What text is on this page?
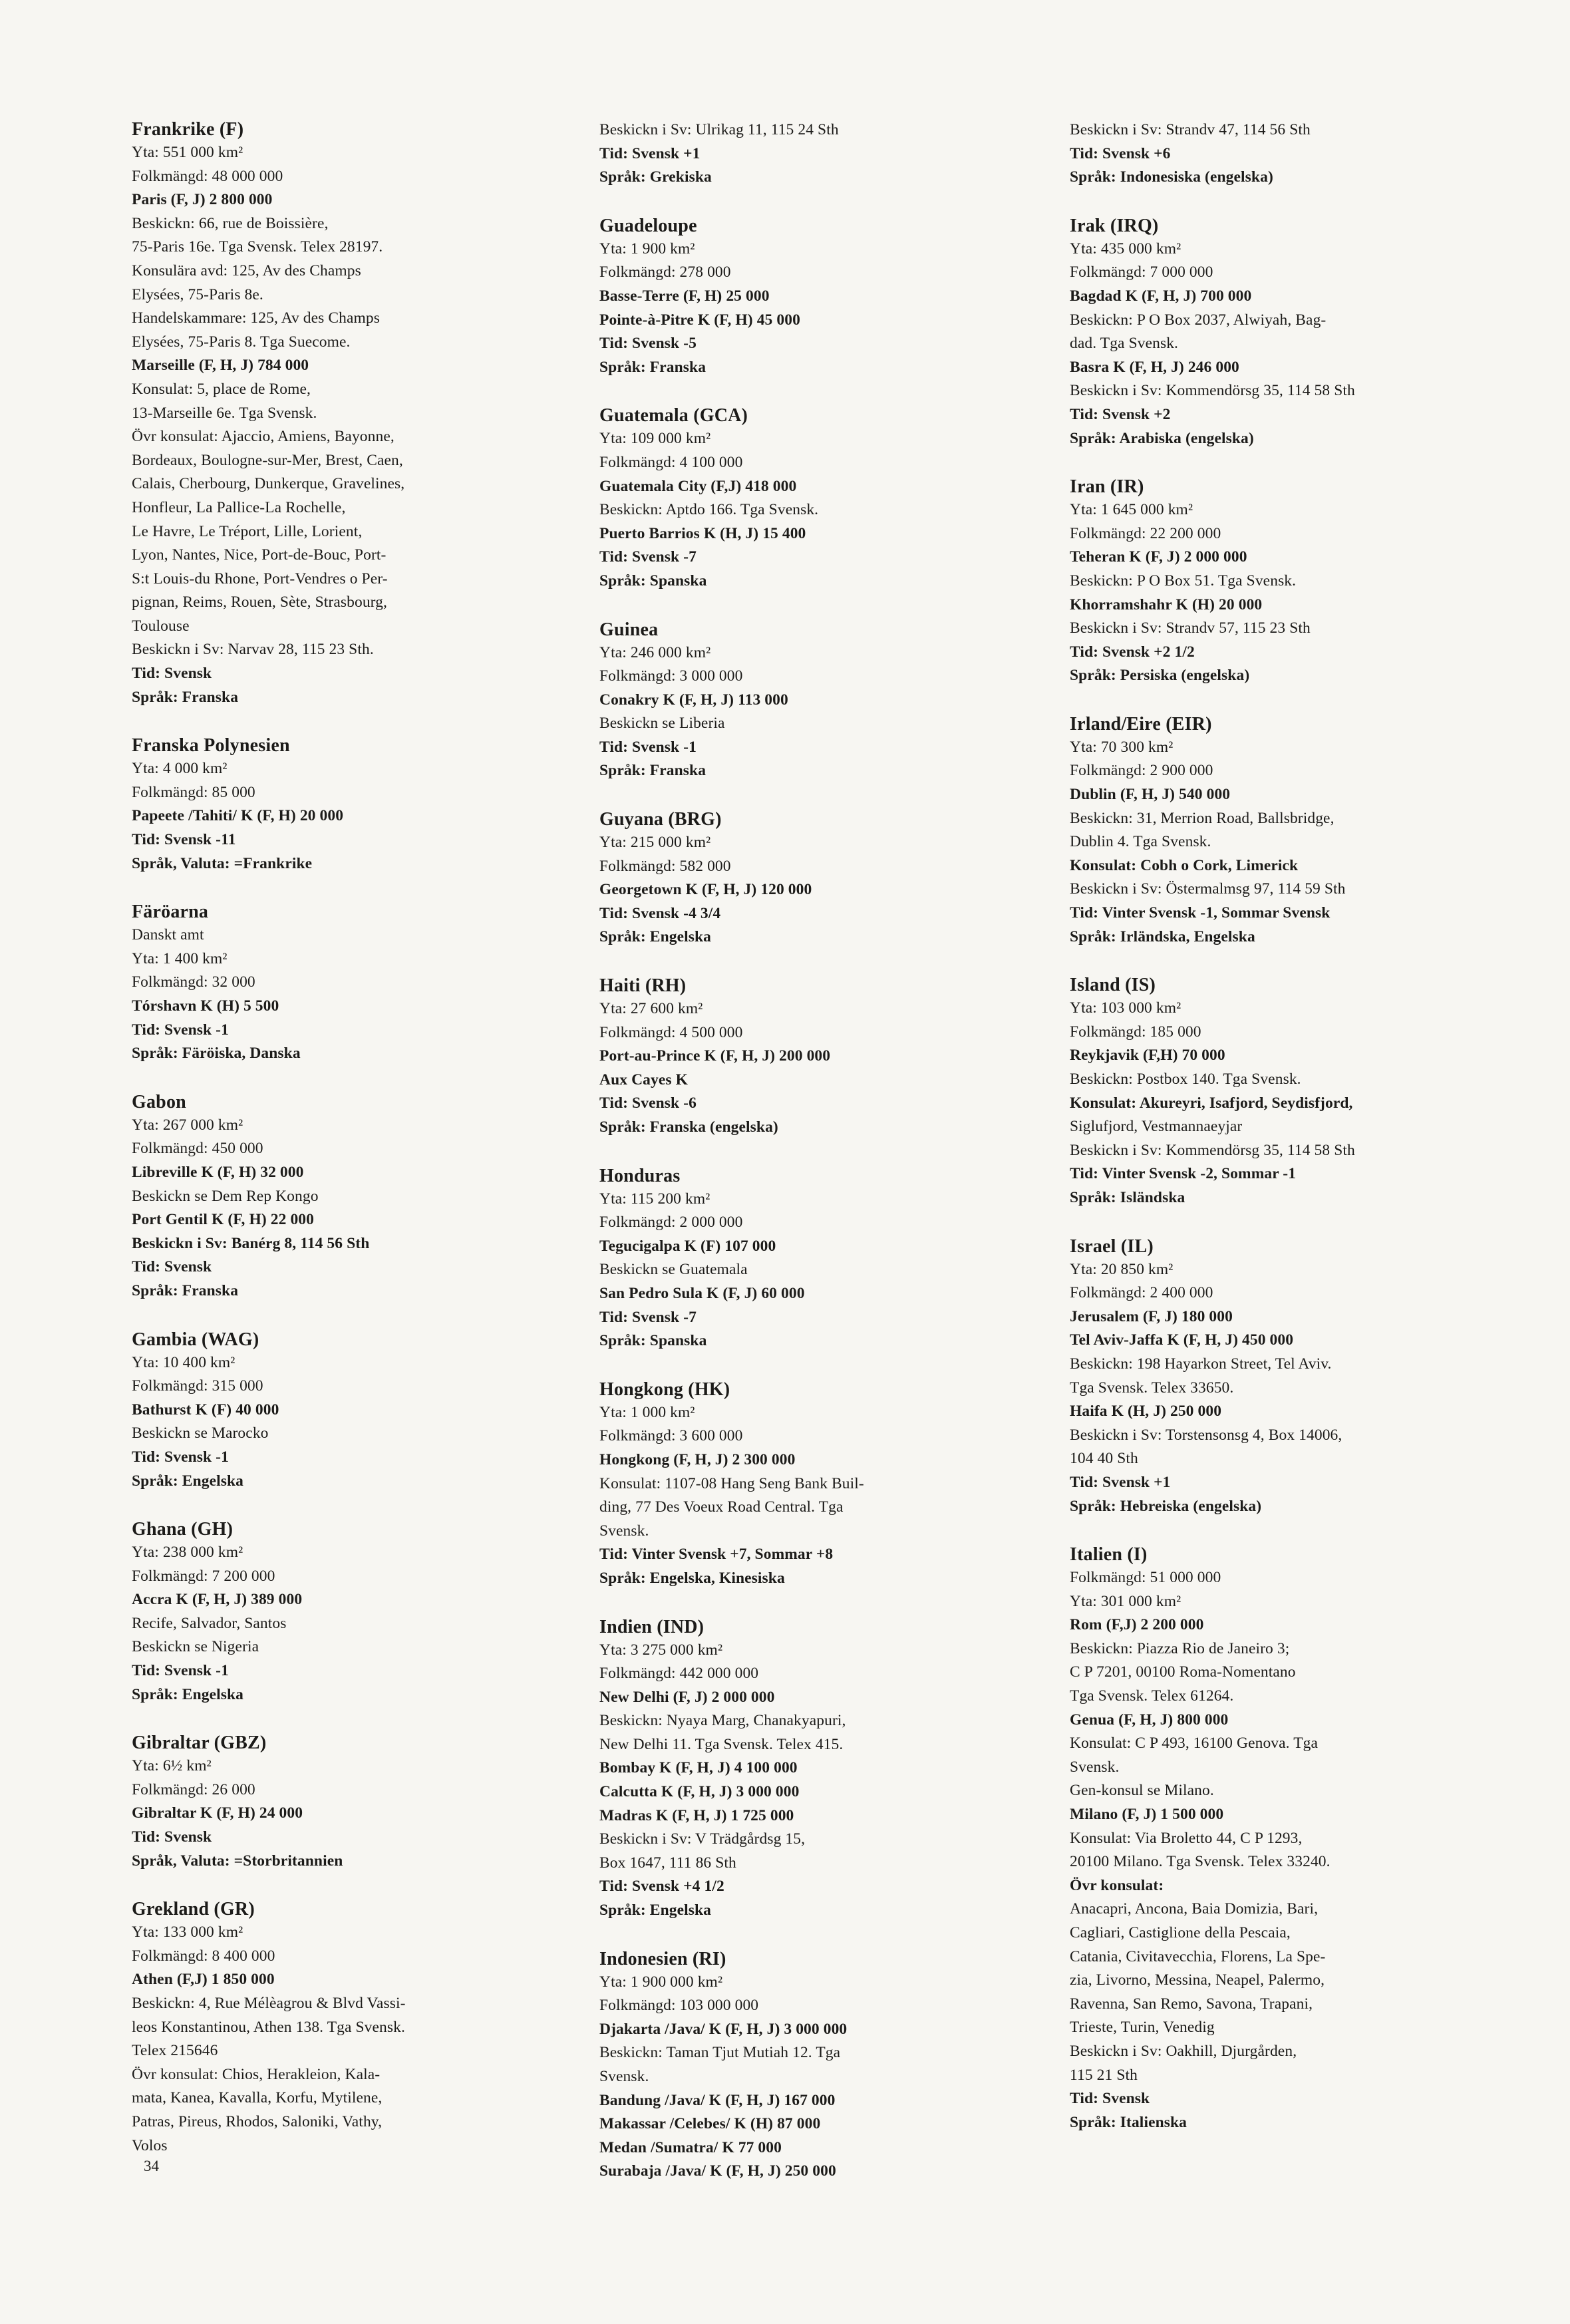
Frankrike (F)
Yta: 551 000 km²
Folkmängd: 48 000 000
Paris (F, J) 2 800 000
Beskickn: 66, rue de Boissière,
75-Paris 16e. Tga Svensk. Telex 28197.
Konsulära avd: 125, Av des Champs
Elysées, 75-Paris 8e.
Handelskammare: 125, Av des Champs
Elysées, 75-Paris 8. Tga Suecome.
Marseille (F, H, J) 784 000
Konsulat: 5, place de Rome,
13-Marseille 6e. Tga Svensk.
Övr konsulat: Ajaccio, Amiens, Bayonne,
Bordeaux, Boulogne-sur-Mer, Brest, Caen,
Calais, Cherbourg, Dunkerque, Gravelines,
Honfleur, La Pallice-La Rochelle,
Le Havre, Le Tréport, Lille, Lorient,
Lyon, Nantes, Nice, Port-de-Bouc, Port-
S:t Louis-du Rhone, Port-Vendres o Per-
pignan, Reims, Rouen, Sète, Strasbourg,
Toulouse
Beskickn i Sv: Narvav 28, 115 23 Sth.
Tid: Svensk
Språk: Franska
Franska Polynesien
Yta: 4 000 km²
Folkmängd: 85 000
Papeete /Tahiti/ K (F, H) 20 000
Tid: Svensk -11
Språk, Valuta: =Frankrike
Färöarna
Danskt amt
Yta: 1 400 km²
Folkmängd: 32 000
Tórshavn K (H) 5 500
Tid: Svensk -1
Språk: Färöiska, Danska
Gabon
Yta: 267 000 km²
Folkmängd: 450 000
Libreville K (F, H) 32 000
Beskickn se Dem Rep Kongo
Port Gentil K (F, H) 22 000
Beskickn i Sv: Banérg 8, 114 56 Sth
Tid: Svensk
Språk: Franska
Gambia (WAG)
Yta: 10 400 km²
Folkmängd: 315 000
Bathurst K (F) 40 000
Beskickn se Marocko
Tid: Svensk -1
Språk: Engelska
Ghana (GH)
Yta: 238 000 km²
Folkmängd: 7 200 000
Accra K (F, H, J) 389 000
Recife, Salvador, Santos
Beskickn se Nigeria
Tid: Svensk -1
Språk: Engelska
Gibraltar (GBZ)
Yta: 6½ km²
Folkmängd: 26 000
Gibraltar K (F, H) 24 000
Tid: Svensk
Språk, Valuta: =Storbritannien
Grekland (GR)
Yta: 133 000 km²
Folkmängd: 8 400 000
Athen (F,J) 1 850 000
Beskickn: 4, Rue Mélèagrou & Blvd Vassi-
leos Konstantinou, Athen 138. Tga Svensk.
Telex 215646
Övr konsulat: Chios, Herakleion, Kala-
mata, Kanea, Kavalla, Korfu, Mytilene,
Patras, Pireus, Rhodos, Saloniki, Vathy,
Volos
Beskickn i Sv: Ulrikag 11, 115 24 Sth
Tid: Svensk +1
Språk: Grekiska
Guadeloupe
Yta: 1 900 km²
Folkmängd: 278 000
Basse-Terre (F, H) 25 000
Pointe-à-Pitre K (F, H) 45 000
Tid: Svensk -5
Språk: Franska
Guatemala (GCA)
Yta: 109 000 km²
Folkmängd: 4 100 000
Guatemala City (F,J) 418 000
Beskickn: Aptdo 166. Tga Svensk.
Puerto Barrios K (H, J) 15 400
Tid: Svensk -7
Språk: Spanska
Guinea
Yta: 246 000 km²
Folkmängd: 3 000 000
Conakry K (F, H, J) 113 000
Beskickn se Liberia
Tid: Svensk -1
Språk: Franska
Guyana (BRG)
Yta: 215 000 km²
Folkmängd: 582 000
Georgetown K (F, H, J) 120 000
Tid: Svensk -4 3/4
Språk: Engelska
Haiti (RH)
Yta: 27 600 km²
Folkmängd: 4 500 000
Port-au-Prince K (F, H, J) 200 000
Aux Cayes K
Tid: Svensk -6
Språk: Franska (engelska)
Honduras
Yta: 115 200 km²
Folkmängd: 2 000 000
Tegucigalpa K (F) 107 000
Beskickn se Guatemala
San Pedro Sula K (F, J) 60 000
Tid: Svensk -7
Språk: Spanska
Hongkong (HK)
Yta: 1 000 km²
Folkmängd: 3 600 000
Hongkong (F, H, J) 2 300 000
Konsulat: 1107-08 Hang Seng Bank Buil-
ding, 77 Des Voeux Road Central. Tga
Svensk.
Tid: Vinter Svensk +7, Sommar +8
Språk: Engelska, Kinesiska
Indien (IND)
Yta: 3 275 000 km²
Folkmängd: 442 000 000
New Delhi (F, J) 2 000 000
Beskickn: Nyaya Marg, Chanakyapuri,
New Delhi 11. Tga Svensk. Telex 415.
Bombay K (F, H, J) 4 100 000
Calcutta K (F, H, J) 3 000 000
Madras K (F, H, J) 1 725 000
Beskickn i Sv: V Trädgårdsg 15,
Box 1647, 111 86 Sth
Tid: Svensk +4 1/2
Språk: Engelska
Indonesien (RI)
Yta: 1 900 000 km²
Folkmängd: 103 000 000
Djakarta /Java/ K (F, H, J) 3 000 000
Beskickn: Taman Tjut Mutiah 12. Tga
Svensk.
Bandung /Java/ K (F, H, J) 167 000
Makassar /Celebes/ K (H) 87 000
Medan /Sumatra/ K 77 000
Surabaja /Java/ K (F, H, J) 250 000
Beskickn i Sv: Strandv 47, 114 56 Sth
Tid: Svensk +6
Språk: Indonesiska (engelska)
Irak (IRQ)
Yta: 435 000 km²
Folkmängd: 7 000 000
Bagdad K (F, H, J) 700 000
Beskickn: P O Box 2037, Alwiyah, Bag-
dad. Tga Svensk.
Basra K (F, H, J) 246 000
Beskickn i Sv: Kommendörsg 35, 114 58 Sth
Tid: Svensk +2
Språk: Arabiska (engelska)
Iran (IR)
Yta: 1 645 000 km²
Folkmängd: 22 200 000
Teheran K (F, J) 2 000 000
Beskickn: P O Box 51. Tga Svensk.
Khorramshahr K (H) 20 000
Beskickn i Sv: Strandv 57, 115 23 Sth
Tid: Svensk +2 1/2
Språk: Persiska (engelska)
Irland/Eire (EIR)
Yta: 70 300 km²
Folkmängd: 2 900 000
Dublin (F, H, J) 540 000
Beskickn: 31, Merrion Road, Ballsbridge,
Dublin 4. Tga Svensk.
Konsulat: Cobh o Cork, Limerick
Beskickn i Sv: Östermalmsg 97, 114 59 Sth
Tid: Vinter Svensk -1, Sommar Svensk
Språk: Irländska, Engelska
Island (IS)
Yta: 103 000 km²
Folkmängd: 185 000
Reykjavik (F,H) 70 000
Beskickn: Postbox 140. Tga Svensk.
Konsulat: Akureyri, Isafjord, Seydisfjord,
Siglufjord, Vestmannaeyjar
Beskickn i Sv: Kommendörsg 35, 114 58 Sth
Tid: Vinter Svensk -2, Sommar -1
Språk: Isländska
Israel (IL)
Yta: 20 850 km²
Folkmängd: 2 400 000
Jerusalem (F, J) 180 000
Tel Aviv-Jaffa K (F, H, J) 450 000
Beskickn: 198 Hayarkon Street, Tel Aviv.
Tga Svensk. Telex 33650.
Haifa K (H, J) 250 000
Beskickn i Sv: Torstensonsg 4, Box 14006,
104 40 Sth
Tid: Svensk +1
Språk: Hebreiska (engelska)
Italien (I)
Folkmängd: 51 000 000
Yta: 301 000 km²
Rom (F,J) 2 200 000
Beskickn: Piazza Rio de Janeiro 3;
C P 7201, 00100 Roma-Nomentano
Tga Svensk. Telex 61264.
Genua (F, H, J) 800 000
Konsulat: C P 493, 16100 Genova. Tga
Svensk.
Gen-konsul se Milano.
Milano (F, J) 1 500 000
Konsulat: Via Broletto 44, C P 1293,
20100 Milano. Tga Svensk. Telex 33240.
Övr konsulat:
Anacapri, Ancona, Baia Domizia, Bari,
Cagliari, Castiglione della Pescaia,
Catania, Civitavecchia, Florens, La Spe-
zia, Livorno, Messina, Neapel, Palermo,
Ravenna, San Remo, Savona, Trapani,
Trieste, Turin, Venedig
Beskickn i Sv: Oakhill, Djurgården,
115 21 Sth
Tid: Svensk
Språk: Italienska
34
